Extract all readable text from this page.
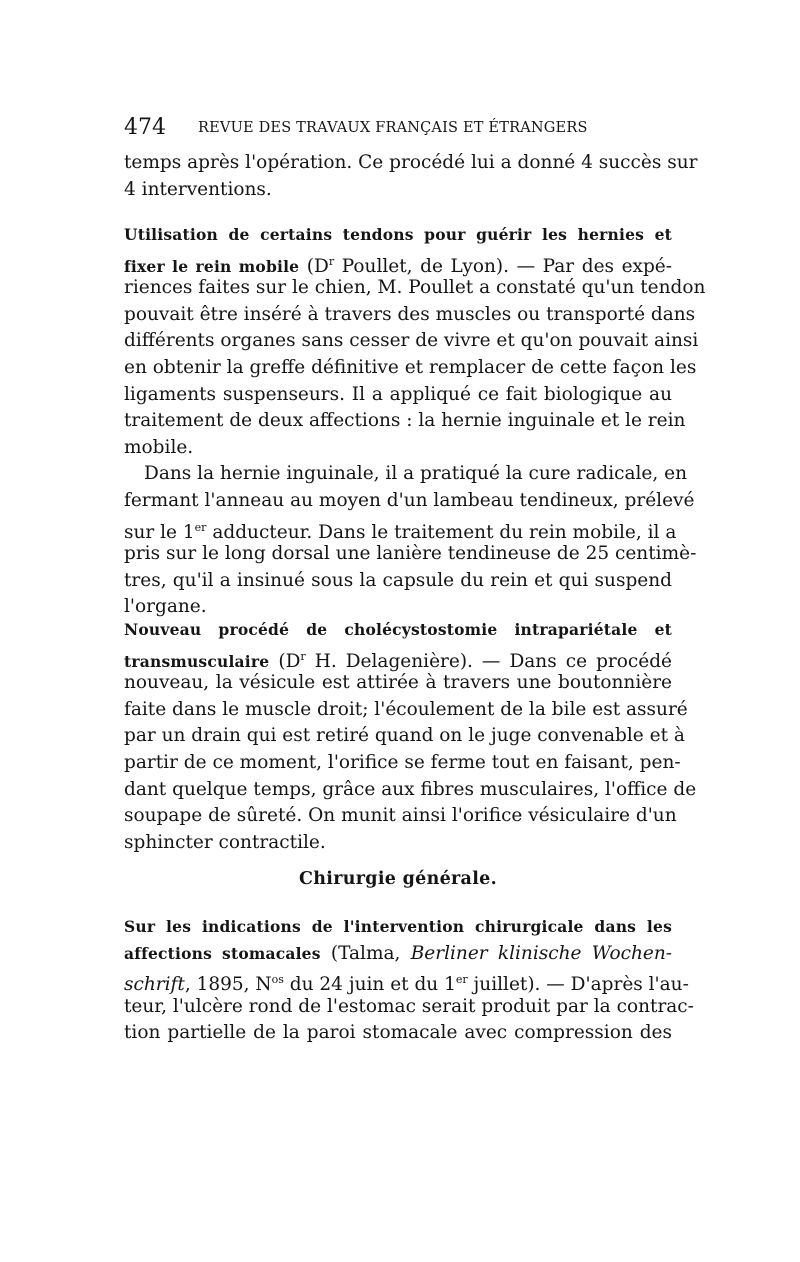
474 REVUE DES TRAVAUX FRANÇAIS ET ÉTRANGERS
temps après l'opération. Ce procédé lui a donné 4 succès sur
4 interventions.
Utilisation de certains tendons pour guérir les hernies et
fixer le rein mobile ($D^r$ Poullet, de Lyon). — Par des expé-
riences faites sur le chien, M. Poullet a constaté qu'un tendon
pouvait être inséré à travers des muscles ou transporté dans
différents organes sans cesser de vivre et qu'on pouvait ainsi
en obtenir la greffe définitive et remplacer de cette façon les
ligaments suspenseurs. Il a appliqué ce fait biologique au
traitement de deux affections : la hernie inguinale et le rein
mobile.
Dans la hernie inguinale, il a pratiqué la cure radicale, en
fermant l'anneau au moyen d'un lambeau tendineux, prélevé
sur le 1er adducteur. Dans le traitement du rein mobile, il a
pris sur le long dorsal une lanière tendineuse de 25 centimè-
tres, qu'il a insinué sous la capsule du rein et qui suspend
l'organe.
Nouveau procédé de cholécystostomie intrapariétale et
transmusculaire ($D^r$ H. Delagenière). — Dans ce procédé
nouveau, la vésicule est attirée à travers une boutonnière
faite dans le muscle droit; l'écoulement de la bile est assuré
par un drain qui est retiré quand on le juge convenable et à
partir de ce moment, l'orifice se ferme tout en faisant, pen-
dant quelque temps, grâce aux fibres musculaires, l'office de
soupape de sûreté. On munit ainsi l'orifice vésiculaire d'un
sphincter contractile.
Chirurgie générale.
Sur les indications de l'intervention chirurgicale dans les
affections stomacales (Talma, Berliner klinische Wochen-
schrift, 1895, $N^{os}$ du 24 juin et du 1er juillet). — D'après l'au-
teur, l'ulcère rond de l'estomac serait produit par la contrac-
tion partielle de la paroi stomacale avec compression des
